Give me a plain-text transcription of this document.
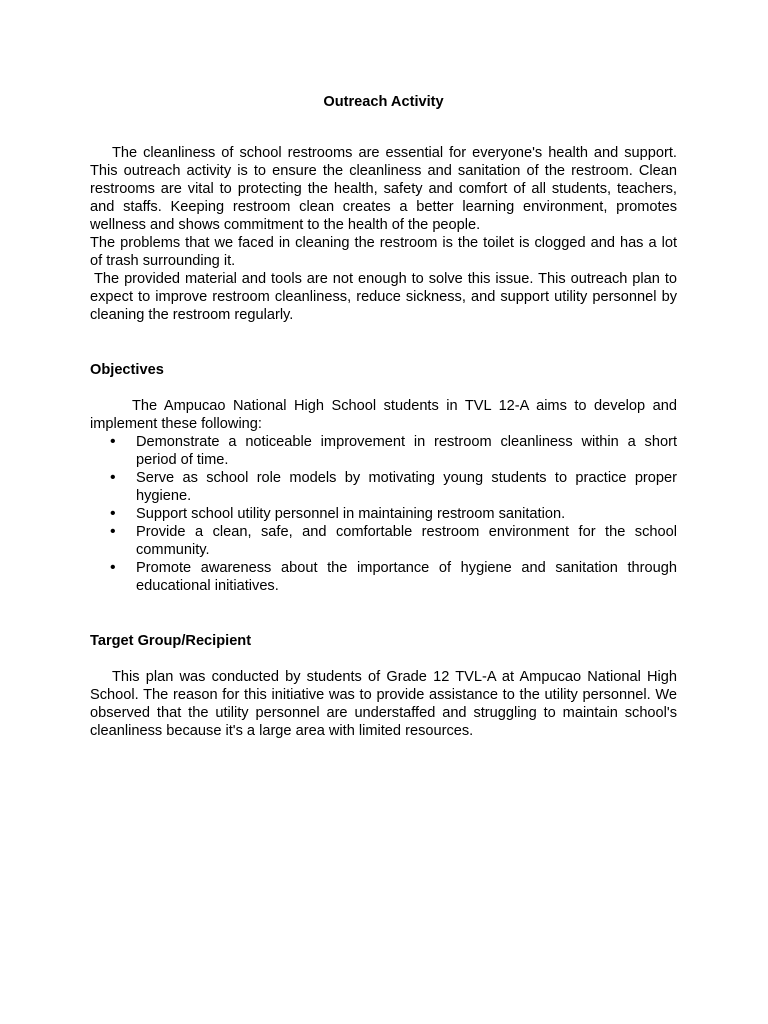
Outreach Activity

The cleanliness of school restrooms are essential for everyone's health and support. This outreach activity is to ensure the cleanliness and sanitation of the restroom. Clean restrooms are vital to protecting the health, safety and comfort of all students, teachers, and staffs. Keeping restroom clean creates a better learning environment, promotes wellness and shows commitment to the health of the people.

The problems that we faced in cleaning the restroom is the toilet is clogged and has a lot of trash surrounding it.

The provided material and tools are not enough to solve this issue. This outreach plan to expect to improve restroom cleanliness, reduce sickness, and support utility personnel by cleaning the restroom regularly.

Objectives

The Ampucao National High School students in TVL 12-A aims to develop and implement these following:

• Demonstrate a noticeable improvement in restroom cleanliness within a short period of time.
• Serve as school role models by motivating young students to practice proper hygiene.
• Support school utility personnel in maintaining restroom sanitation.
• Provide a clean, safe, and comfortable restroom environment for the school community.
• Promote awareness about the importance of hygiene and sanitation through educational initiatives.

Target Group/Recipient

This plan was conducted by students of Grade 12 TVL-A at Ampucao National High School. The reason for this initiative was to provide assistance to the utility personnel. We observed that the utility personnel are understaffed and struggling to maintain school's cleanliness because it's a large area with limited resources.
